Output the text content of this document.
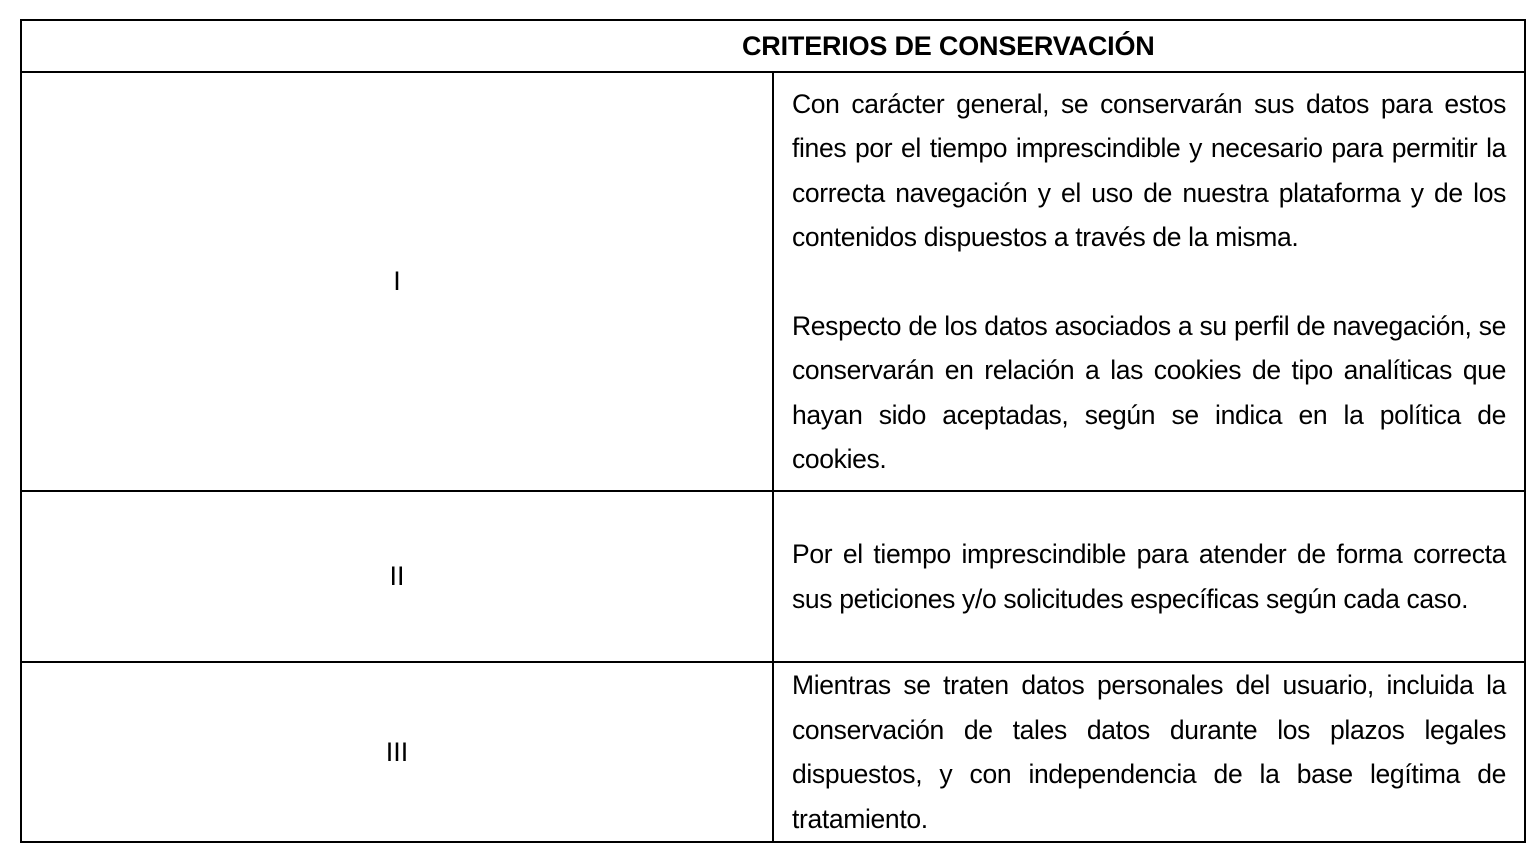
CRITERIOS DE CONSERVACIÓN	
I	Con carácter general, se conservarán sus datos para estos fines por el tiempo imprescindible y necesario para permitir la correcta navegación y el uso de nuestra plataforma y de los contenidos dispuestos a través de la misma.

Respecto de los datos asociados a su perfil de navegación, se conservarán en relación a las cookies de tipo analíticas que hayan sido aceptadas, según se indica en la política de cookies.

II	Por el tiempo imprescindible para atender de forma correcta sus peticiones y/o solicitudes específicas según cada caso.

III	Mientras se traten datos personales del usuario, incluida la conservación de tales datos durante los plazos legales dispuestos, y con independencia de la base legítima de tratamiento.
